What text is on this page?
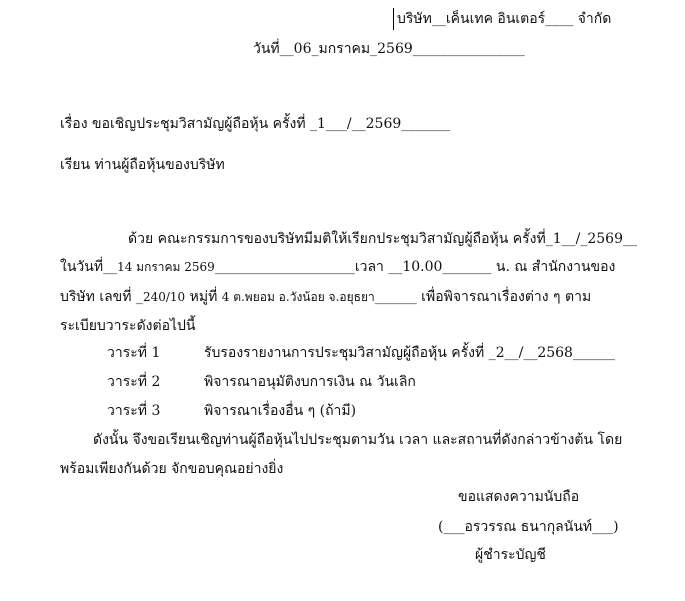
บริษัท__เค็นเทค อินเตอร์____ จำกัด
วันที่__06_มกราคม_2569________________
เรื่อง ขอเชิญประชุมวิสามัญผู้ถือหุ้น ครั้งที่ _1___/__2569_______
เรียน ท่านผู้ถือหุ้นของบริษัท
ด้วย คณะกรรมการของบริษัทมีมติให้เรียกประชุมวิสามัญผู้ถือหุ้น ครั้งที่_1__/_2569__
ในวันที่__14 มกราคม 2569____________________เวลา __10.00_______ น. ณ สำนักงานของ
บริษัท เลขที่ _240/10 หมู่ที่ 4 ต.พยอม อ.วังน้อย จ.อยุธยา______ เพื่อพิจารณาเรื่องต่าง ๆ ตาม
ระเบียบวาระดังต่อไปนี้
วาระที่ 1	รับรองรายงานการประชุมวิสามัญผู้ถือหุ้น ครั้งที่ _2__/__2568______
วาระที่ 2	พิจารณาอนุมัติงบการเงิน ณ วันเลิก
วาระที่ 3	พิจารณาเรื่องอื่น ๆ (ถ้ามี)
ดังนั้น จึงขอเรียนเชิญท่านผู้ถือหุ้นไปประชุมตามวัน เวลา และสถานที่ดังกล่าวข้างต้น โดย
พร้อมเพียงกันด้วย จักขอบคุณอย่างยิ่ง
ขอแสดงความนับถือ
(___อรวรรณ ธนากุลนันท์___)
ผู้ชำระบัญชี
